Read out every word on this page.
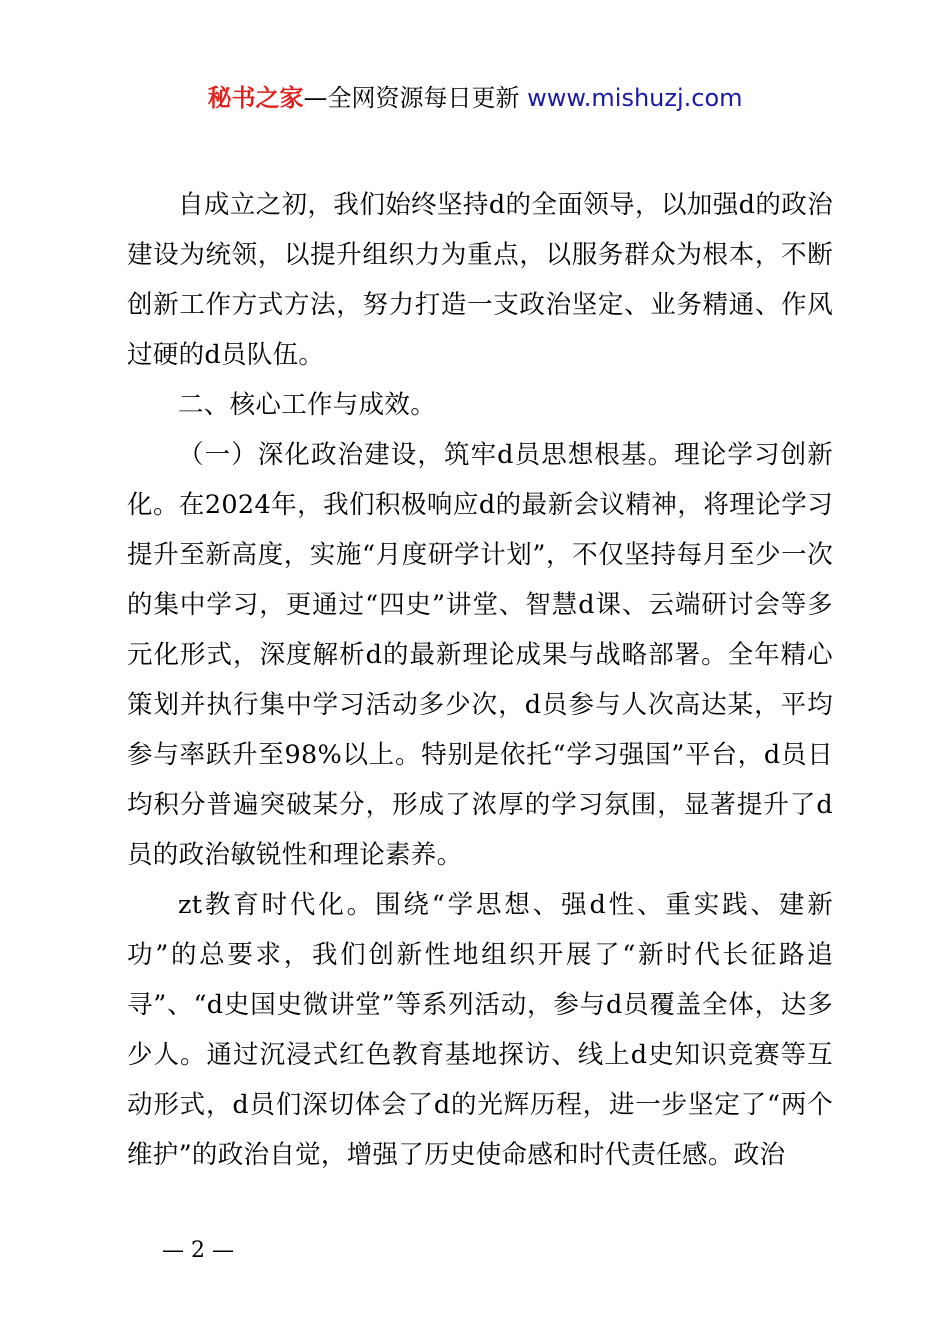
秘书之家—全网资源每日更新 www.mishuzj.com

自成立之初，我们始终坚持d的全面领导，以加强d的政治建设为统领，以提升组织力为重点，以服务群众为根本，不断创新工作方式方法，努力打造一支政治坚定、业务精通、作风过硬的d员队伍。

二、核心工作与成效。

（一）深化政治建设，筑牢d员思想根基。理论学习创新化。在2024年，我们积极响应d的最新会议精神，将理论学习提升至新高度，实施“月度研学计划”，不仅坚持每月至少一次的集中学习，更通过“四史”讲堂、智慧d课、云端研讨会等多元化形式，深度解析d的最新理论成果与战略部署。全年精心策划并执行集中学习活动多少次，d员参与人次高达某，平均参与率跃升至98%以上。特别是依托“学习强国”平台，d员日均积分普遍突破某分，形成了浓厚的学习氛围，显著提升了d员的政治敏锐性和理论素养。

zt教育时代化。围绕“学思想、强d性、重实践、建新功”的总要求，我们创新性地组织开展了“新时代长征路追寻”、“d史国史微讲堂”等系列活动，参与d员覆盖全体，达多少人。通过沉浸式红色教育基地探访、线上d史知识竞赛等互动形式，d员们深切体会了d的光辉历程，进一步坚定了“两个维护”的政治自觉，增强了历史使命感和时代责任感。政治

— 2 —
